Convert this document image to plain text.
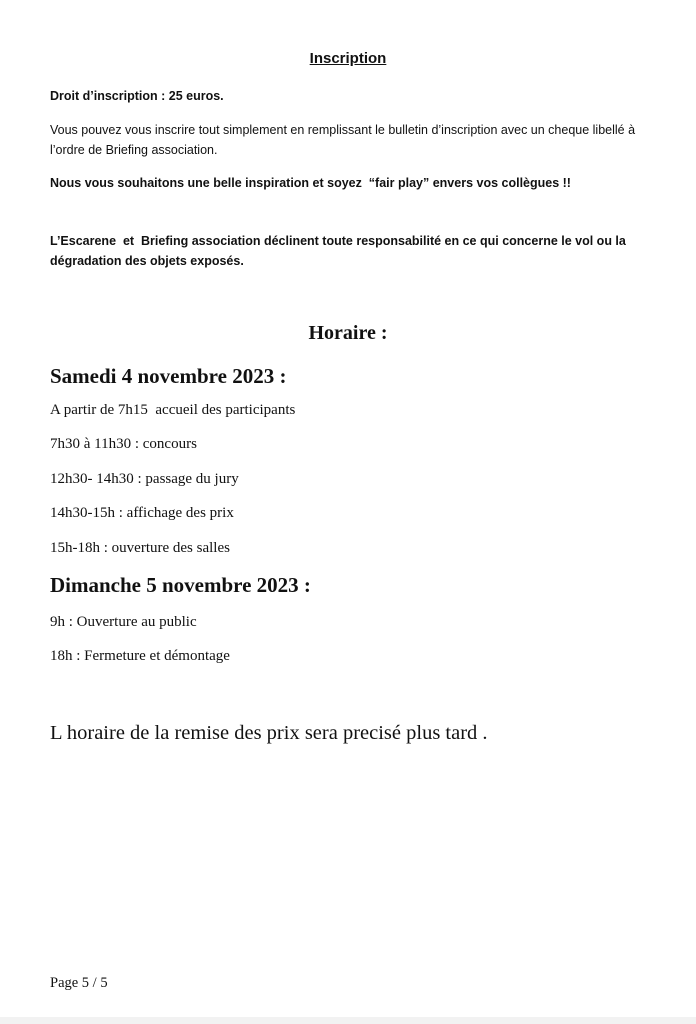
Inscription
Droit d’inscription : 25 euros.
Vous pouvez vous inscrire tout simplement en remplissant le bulletin d’inscription avec un cheque libellé à l’ordre de Briefing association.
Nous vous souhaitons une belle inspiration et soyez  “fair play” envers vos collègues !!
L’Escarene  et  Briefing association déclinent toute responsabilité en ce qui concerne le vol ou la dégradation des objets exposés.
Horaire :
Samedi 4 novembre 2023 :
A partir de 7h15  accueil des participants
7h30 à 11h30 : concours
12h30- 14h30 : passage du jury
14h30-15h : affichage des prix
15h-18h : ouverture des salles
Dimanche 5 novembre 2023 :
9h : Ouverture au public
18h : Fermeture et démontage
L horaire de la remise des prix sera precisé plus tard .
Page 5 / 5
